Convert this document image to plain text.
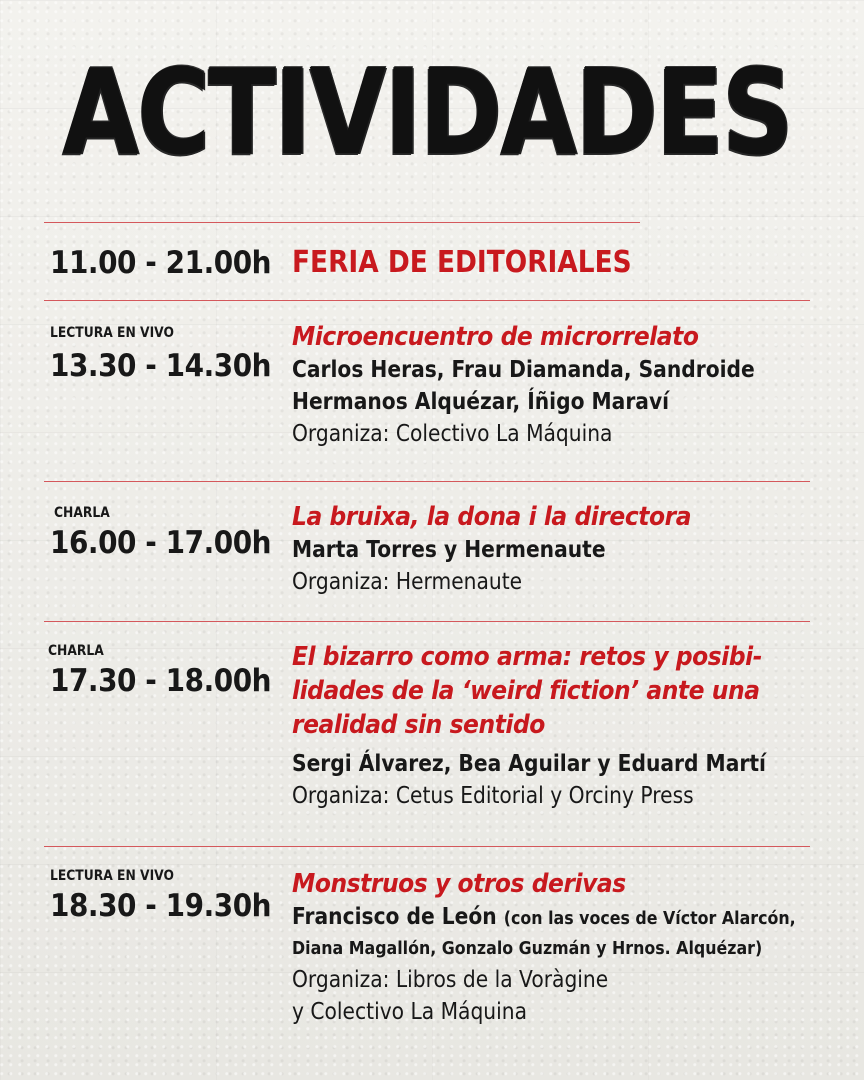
ACTIVIDADES
11.00 - 21.00h FERIA DE EDITORIALES
LECTURA EN VIVO
13.30 - 14.30h

Microencuentro de microrrelato

Carlos Heras, Frau Diamanda, Sandroide

Hermanos Alquézar, Íñigo Maraví

Organiza: Colectivo La Máquina

CHARLA
16.00 - 17.00h

La bruixa, la dona i la directora

Marta Torres y Hermenaute

Organiza: Hermenaute

CHARLA
17.30 - 18.00h

El bizarro como arma: retos y posibi-

lidades de la ‘weird fiction’ ante una

realidad sin sentido

Sergi Álvarez, Bea Aguilar y Eduard Martí

Organiza: Cetus Editorial y Orciny Press

LECTURA EN VIVO
18.30 - 19.30h

Monstruos y otros derivas

Francisco de León (con las voces de Víctor Alarcón,

Diana Magallón, Gonzalo Guzmán y Hrnos. Alquézar)

Organiza: Libros de la Voràgine

y Colectivo La Máquina
